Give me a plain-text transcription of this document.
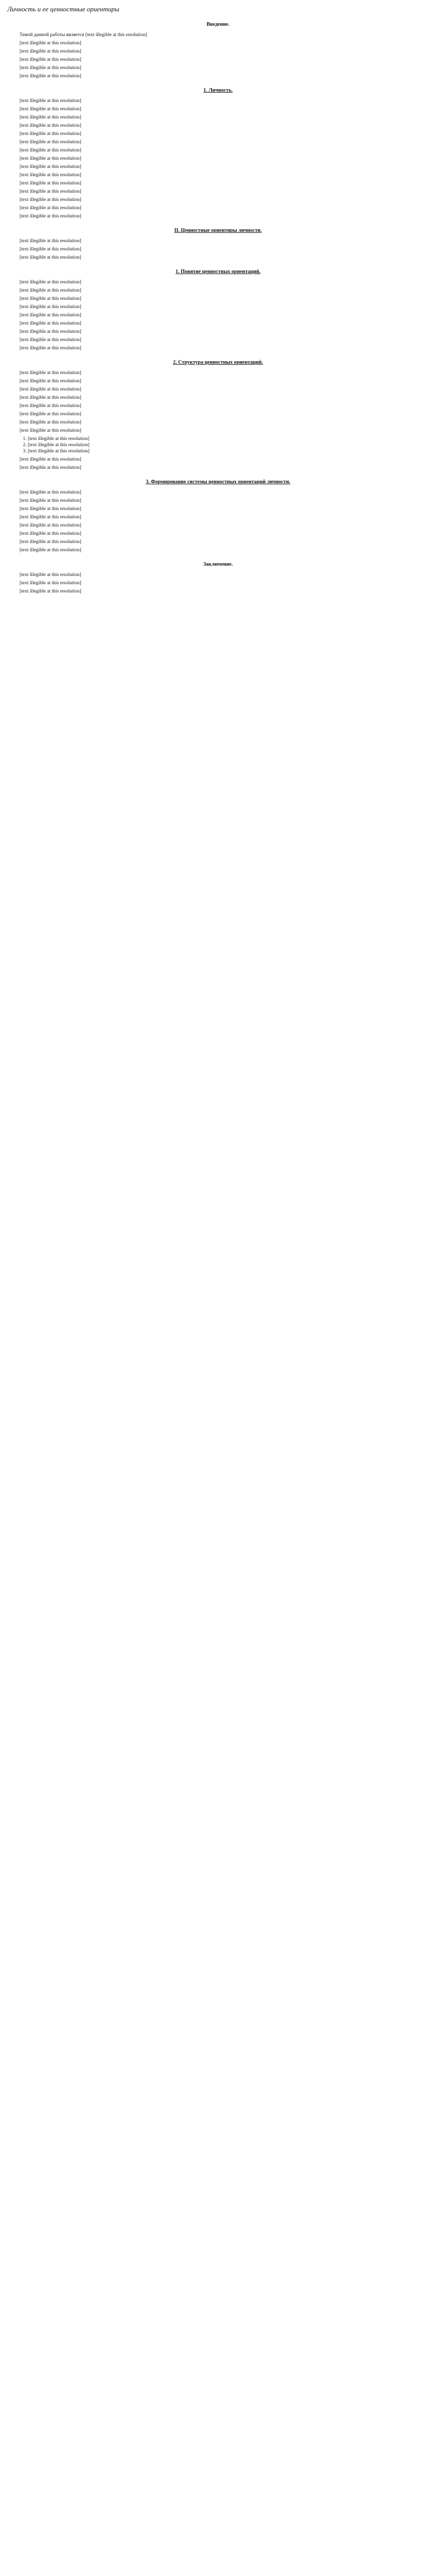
Личность и ее ценностные ориентиры
Введение.

Темой данной работы является [text illegible at this resolution]

[text illegible at this resolution]

[text illegible at this resolution]

[text illegible at this resolution]

[text illegible at this resolution]

[text illegible at this resolution]

1. Личность.

[text illegible at this resolution]

[text illegible at this resolution]

[text illegible at this resolution]

[text illegible at this resolution]

[text illegible at this resolution]

[text illegible at this resolution]

[text illegible at this resolution]

[text illegible at this resolution]

[text illegible at this resolution]

[text illegible at this resolution]

[text illegible at this resolution]

[text illegible at this resolution]

[text illegible at this resolution]

[text illegible at this resolution]

[text illegible at this resolution]

II. Ценностные ориентиры личности.

[text illegible at this resolution]

[text illegible at this resolution]

[text illegible at this resolution]

1. Понятие ценностных ориентаций.

[text illegible at this resolution]

[text illegible at this resolution]

[text illegible at this resolution]

[text illegible at this resolution]

[text illegible at this resolution]

[text illegible at this resolution]

[text illegible at this resolution]

[text illegible at this resolution]

[text illegible at this resolution]

2. Структура ценностных ориентаций.

[text illegible at this resolution]

[text illegible at this resolution]

[text illegible at this resolution]

[text illegible at this resolution]

[text illegible at this resolution]

[text illegible at this resolution]

[text illegible at this resolution]

[text illegible at this resolution]

1. [text illegible at this resolution]
2. [text illegible at this resolution]
3. [text illegible at this resolution]

[text illegible at this resolution]

[text illegible at this resolution]

3. Формирование системы ценностных ориентаций личности.

[text illegible at this resolution]

[text illegible at this resolution]

[text illegible at this resolution]

[text illegible at this resolution]

[text illegible at this resolution]

[text illegible at this resolution]

[text illegible at this resolution]

[text illegible at this resolution]

Заключение.

[text illegible at this resolution]

[text illegible at this resolution]

[text illegible at this resolution]
